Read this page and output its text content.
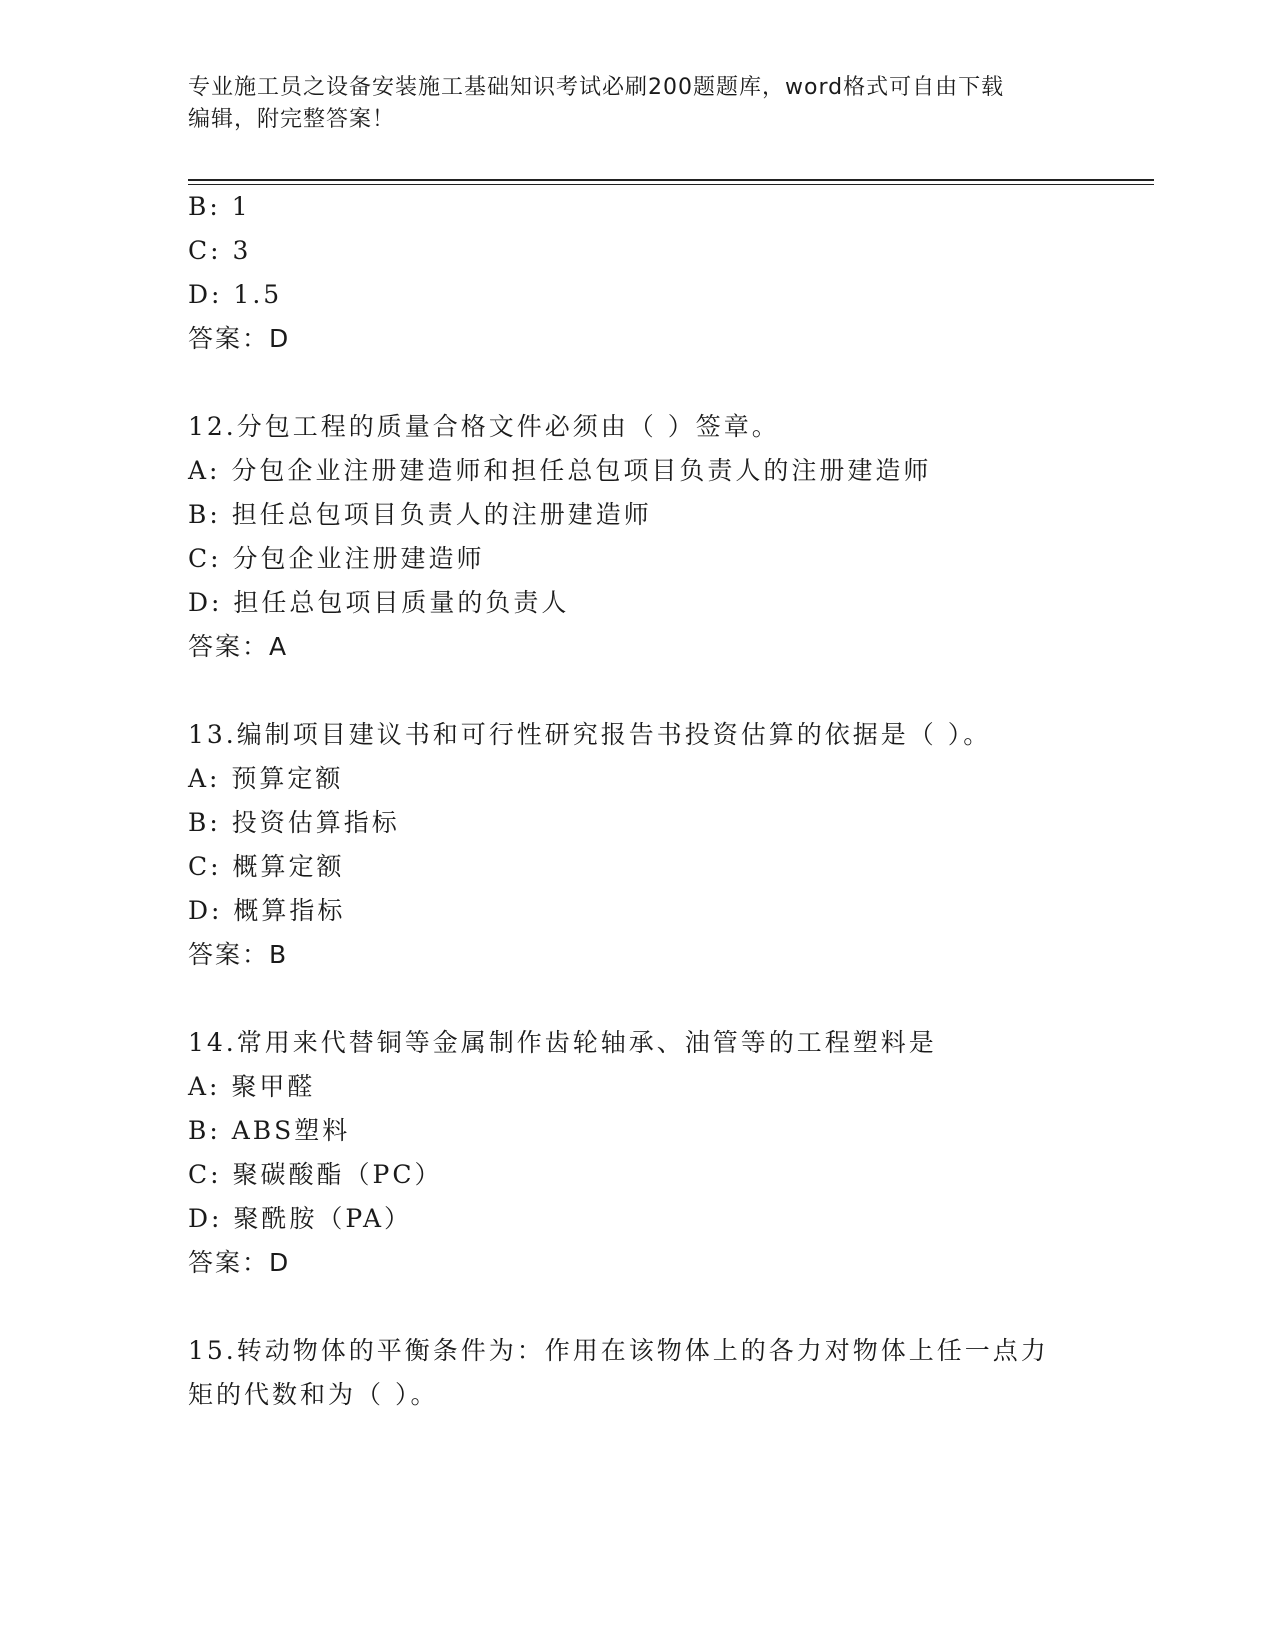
专业施工员之设备安装施工基础知识考试必刷200题题库，word格式可自由下载
编辑，附完整答案！
B: 1
C: 3
D: 1.5
答案：D
12.分包工程的质量合格文件必须由（ ）签章。
A: 分包企业注册建造师和担任总包项目负责人的注册建造师
B: 担任总包项目负责人的注册建造师
C: 分包企业注册建造师
D: 担任总包项目质量的负责人
答案：A
13.编制项目建议书和可行性研究报告书投资估算的依据是（ ）。
A: 预算定额
B: 投资估算指标
C: 概算定额
D: 概算指标
答案：B
14.常用来代替铜等金属制作齿轮轴承、油管等的工程塑料是
A: 聚甲醛
B: ABS塑料
C: 聚碳酸酯（PC）
D: 聚酰胺（PA）
答案：D
15.转动物体的平衡条件为：作用在该物体上的各力对物体上任一点力
矩的代数和为（ ）。
